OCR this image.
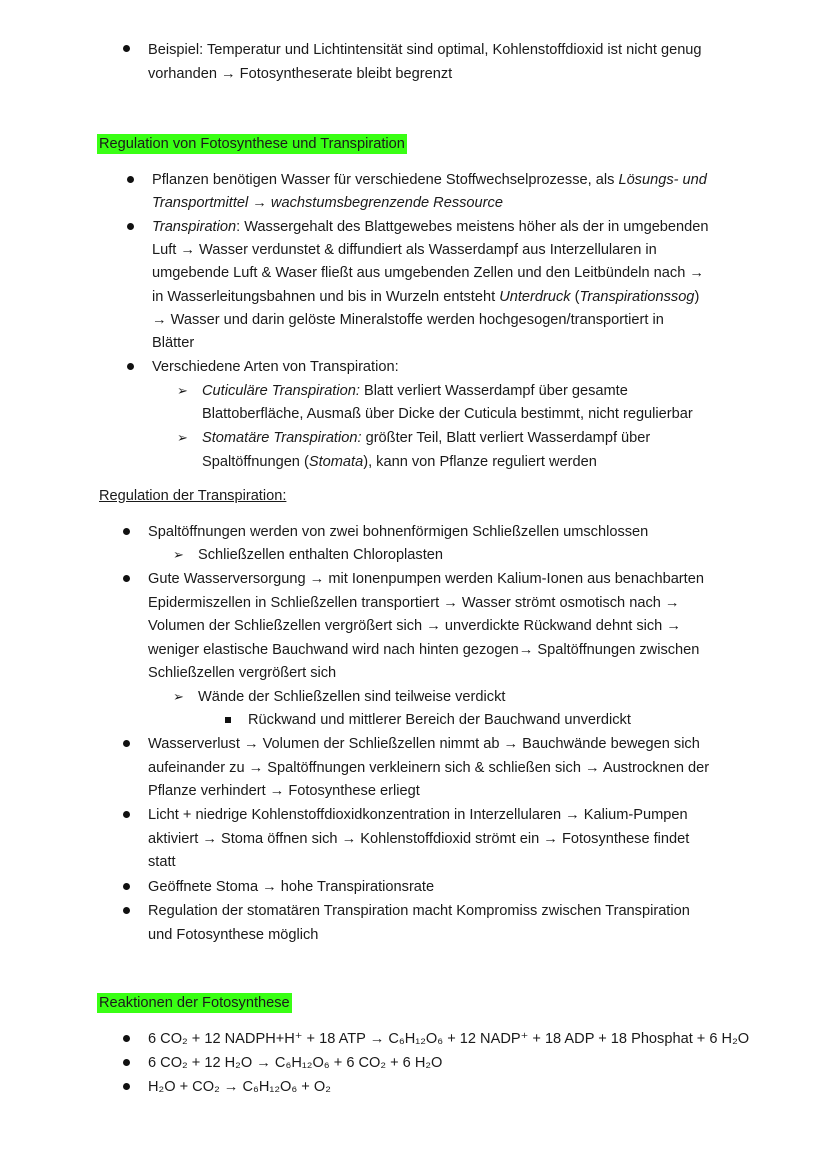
Beispiel: Temperatur und Lichtintensität sind optimal, Kohlenstoffdioxid ist nicht genug
vorhanden → Fotosyntheserate bleibt begrenzt
Regulation von Fotosynthese und Transpiration
Pflanzen benötigen Wasser für verschiedene Stoffwechselprozesse, als Lösungs- und
Transportmittel → wachstumsbegrenzende Ressource
Transpiration: Wassergehalt des Blattgewebes meistens höher als der in umgebenden
Luft → Wasser verdunstet & diffundiert als Wasserdampf aus Interzellularen in
umgebende Luft & Waser fließt aus umgebenden Zellen und den Leitbündeln nach →
in Wasserleitungsbahnen und bis in Wurzeln entsteht Unterdruck (Transpirationssog)
→ Wasser und darin gelöste Mineralstoffe werden hochgesogen/transportiert in
Blätter
Verschiedene Arten von Transpiration:
➢ Cuticuläre Transpiration: Blatt verliert Wasserdampf über gesamte
Blattoberfläche, Ausmaß über Dicke der Cuticula bestimmt, nicht regulierbar
➢ Stomatäre Transpiration: größter Teil, Blatt verliert Wasserdampf über
Spaltöffnungen (Stomata), kann von Pflanze reguliert werden
Regulation der Transpiration:
Spaltöffnungen werden von zwei bohnenförmigen Schließzellen umschlossen
➢ Schließzellen enthalten Chloroplasten
Gute Wasserversorgung → mit Ionenpumpen werden Kalium-Ionen aus benachbarten
Epidermiszellen in Schließzellen transportiert → Wasser strömt osmotisch nach →
Volumen der Schließzellen vergrößert sich → unverdickte Rückwand dehnt sich →
weniger elastische Bauchwand wird nach hinten gezogen→ Spaltöffnungen zwischen
Schließzellen vergrößert sich
➢ Wände der Schließzellen sind teilweise verdickt
Rückwand und mittlerer Bereich der Bauchwand unverdickt
Wasserverlust → Volumen der Schließzellen nimmt ab → Bauchwände bewegen sich
aufeinander zu → Spaltöffnungen verkleinern sich & schließen sich → Austrocknen der
Pflanze verhindert → Fotosynthese erliegt
Licht + niedrige Kohlenstoffdioxidkonzentration in Interzellularen → Kalium-Pumpen
aktiviert → Stoma öffnen sich → Kohlenstoffdioxid strömt ein → Fotosynthese findet
statt
Geöffnete Stoma → hohe Transpirationsrate
Regulation der stomatären Transpiration macht Kompromiss zwischen Transpiration
und Fotosynthese möglich
Reaktionen der Fotosynthese
6 CO₂ + 12 NADPH+H⁺ + 18 ATP → C₆H₁₂O₆ + 12 NADP⁺ + 18 ADP + 18 Phosphat + 6 H₂O
6 CO₂ + 12 H₂O → C₆H₁₂O₆ + 6 CO₂ + 6 H₂O
H₂O + CO₂ → C₆H₁₂O₆ + O₂
